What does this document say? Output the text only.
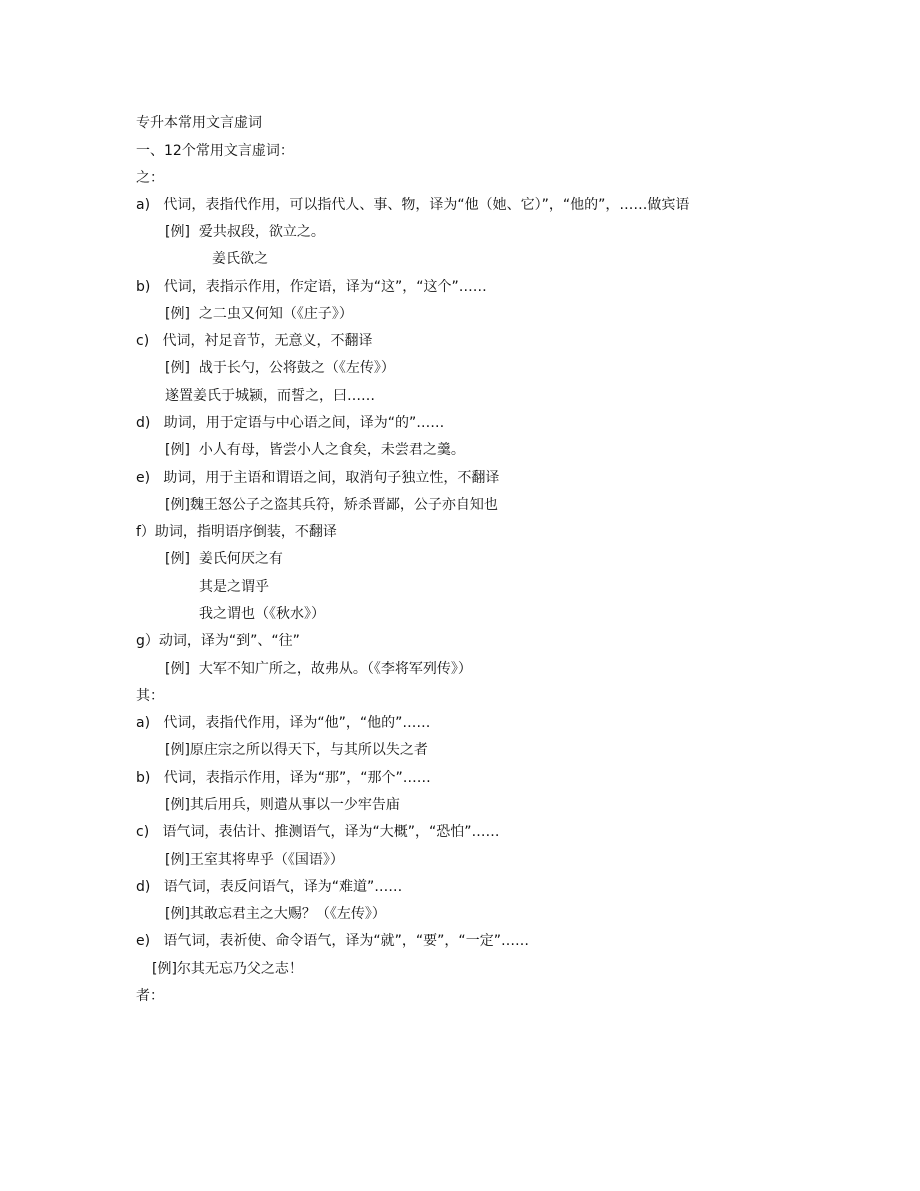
专升本常用文言虚词
一、12个常用文言虚词：
之：
a)   代词，表指代作用，可以指代人、事、物，译为“他（她、它）”，“他的”，……做宾语
[例]  爱共叔段，欲立之。
姜氏欲之
b)   代词，表指示作用，作定语，译为“这”，“这个”……
[例]  之二虫又何知（《庄子》）
c)   代词，衬足音节，无意义，不翻译
[例]  战于长勺，公将鼓之（《左传》）
遂置姜氏于城颍，而誓之，曰……
d)   助词，用于定语与中心语之间，译为“的”……
[例]  小人有母，皆尝小人之食矣，未尝君之羹。
e)   助词，用于主语和谓语之间，取消句子独立性，不翻译
[例]魏王怒公子之盗其兵符，矫杀晋鄙，公子亦自知也
f）助词，指明语序倒装，不翻译
[例]  姜氏何厌之有
其是之谓乎
我之谓也（《秋水》）
g）动词，译为“到”、“往”
[例]  大军不知广所之，故弗从。（《李将军列传》）
其：
a)   代词，表指代作用，译为“他”，“他的”……
[例]原庄宗之所以得天下，与其所以失之者
b)   代词，表指示作用，译为“那”，“那个”……
[例]其后用兵，则遣从事以一少牢告庙
c)   语气词，表估计、推测语气，译为“大概”，“恐怕”……
[例]王室其将卑乎（《国语》）
d)   语气词，表反问语气，译为“难道”……
[例]其敢忘君主之大赐？（《左传》）
e)   语气词，表祈使、命令语气，译为“就”，“要”，“一定”……
[例]尔其无忘乃父之志！
者：
